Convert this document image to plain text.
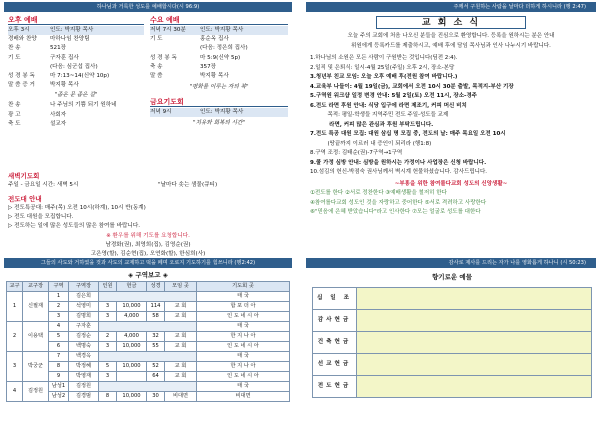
하나님과 거룩한 성도를 예배합시다(시 96:9)
오후 예배
오후 3시	인도: 박지황 목사
경배와 찬양	마하나임 찬양팀
찬 송	521장
기 도	구자훈 집사
(다음: 심군섭 집사)
성 경 봉 독	마 7:13~14(신약 10p)
말 씀 증 거	박지황 목사
"좁은 문 좁은 길"
찬 송	나 주님의 기쁨 되기 원하네
광 고	사회자
축 도	설교자
수요 예배
저녁 7시 30분	인도: 박지황 목사
기 도	홍순옥 집사
(다음: 정은희 집사)
성 경 봉 독	마 5:9(신약 5p)
축 송	357장
말 씀	박지황 목사
"평화를 이루는 자의 복"
금요기도회
저녁 9시	인도: 박지황 목사
"치유와 회복의 시간"
새벽기도회
주일 - 금요일 시간: 새벽 5시	"날마다 솟는 샘물(큐티)
전도대 안내
▷ 전도특공대: 매주(목) 오전 10시(하계), 10시 반(동계)
▷ 전도 대원을 모집합니다.
▷ 전도하는 일에 많은 성도들의 많은 참여를 바랍니다.
※ 환우를 위해 기도를 요청합니다.
남경화(권), 최영희(집), 김영순(권)
고은영(할), 김순현(집), 오연화(할), 한심희(사)
그들의 사도와 거하였을 것과 사도의 교제하고 떡을 떼며 오로지 기도하기를 힘쓰니라 (행2:42)
◈ 구역보고 ◈
교구	교구장	구역	구역장	인원	헌금	성경	모임 곳	기도회 곳
1	신필재	1	김은희					태 국
		2	석영미	3	10,000	114	교 회	합 포 더 아
		3	김명희	3	4,000	58	교 회	인 도 네 시 아
2	이용택	4	구자훈					태 국
		5	김정순	2	4,000	32	교 회	한 지 나 아
		6	백명숙	3	10,000	55	교 회	인 도 네 시 아
3	박궁군	7	백경옥					태 국
		8	박정혜	5	10,000	52	교 회	한 지 나 아
		9	박영재	3		64	교 회	인 도 네 시 아
4	김정원	남성1	김정원					태 국
		남성2	김경범	8	10,000	30	비대면	비대면
주께서 구원하는 사람을 날마다 더하게 하시니라 (행 2:47)
교 회 소 식

오늘 주의 교회에 처음 나오신 분들을 진심으로 환영합니다. 등록을 원하시는 분은 안내

위원에게 등록카드를 제출하시고, 예배 후에 담임 목사님과 인사 나누시기 바랍니다.

1.하나님의 소원은 모든 사람이 구원받는 것입니다(딤전 2:4).

2.일직 및 은퇴식: 일시-4월 25일(주일) 오후 2시, 장소-본당

3.청년부 친교 모임: 오늘 오후 예배 후(전원 참여 바랍니다.)

4.교육부 나들이: 4월 19일(금), 교회에서 오전 10시 30분 출발, 목적지-부산 기장

5.구역원 워크샵 일정 변경 안내: 5월 2일(토) 오전 11시, 장소-경주

6.전도 라면 후원 안내: 식당 입구에 라면 제조기, 커피 머신 비치

목적: 평일-학생들 지역주민 전도 주일-성도들 교제

라면, 커피 많은 관심과 후원 부탁드립니다.

7.전도 특공 대원 모집: 대원 삼십 명 모집 중, 전도의 날: 매주 목요일 오전 10시

(땅끝까지 이르러 내 증인이 되리라 (행1:8)

8.구역 조정: 김태순(권)-7구역→1구역

9.쿨 가정 심방 안내: 심방을 원하시는 가정이나 사업장은 신청 바랍니다.

10.섬김의 헌신-박점숙 권사님께서 벽시계 헌물하셨습니다. 감사드립니다.

~부흥을 위한 참여를다교회 성도의 신앙생활~

①전도를 한다 ②서로 정찬한다 ③예배생활을 철저히 한다

④참여를다교회 성도인 것을 자랑하고 중어한다 ⑤서로 격려하고 사랑한다

⑥"믿음에 은혜 받았습니다"라고 인사한다 ⑦모는 얼굴로 성도를 대한다

감사로 제사를 드리는 자가 나를 영화롭게 하나니 (시 50:23)
향기로운 예물
십 일 조	
감사헌금	
건축헌금	
선교헌금	
전도헌금	
